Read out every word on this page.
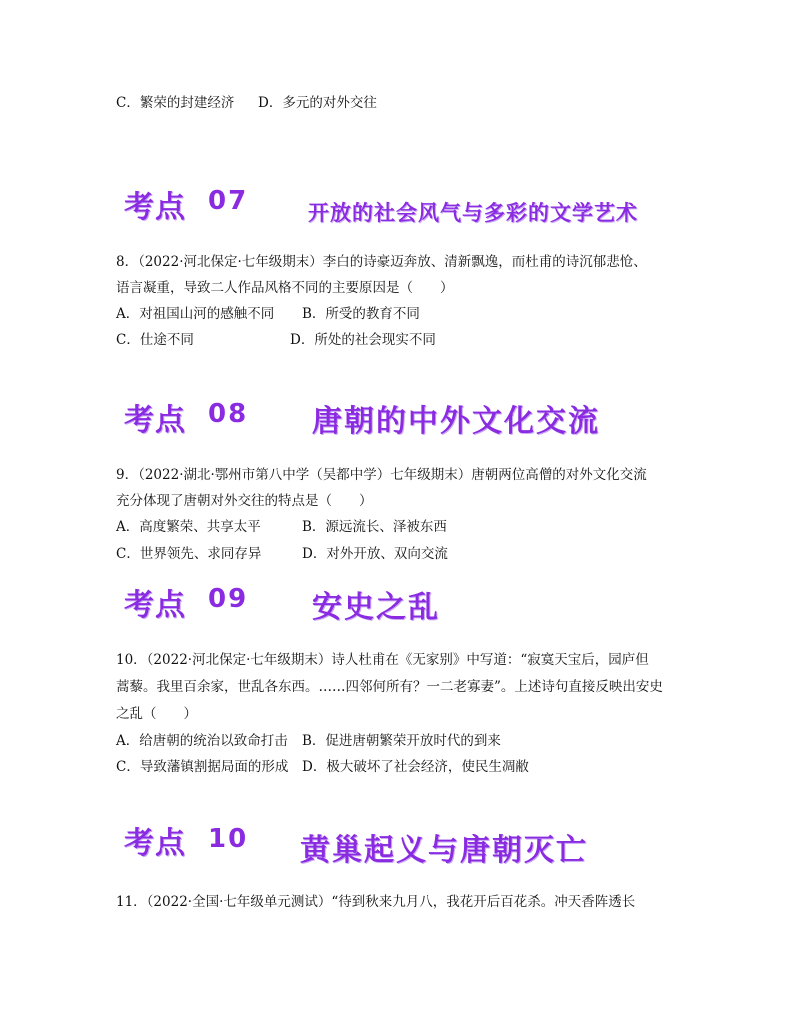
C．繁荣的封建经济 D．多元的对外交往
考点 07	开放的社会风气与多彩的文学艺术
8．（2022·河北保定·七年级期末）李白的诗豪迈奔放、清新飘逸，而杜甫的诗沉郁悲怆、
语言凝重，导致二人作品风格不同的主要原因是（　　）
A．对祖国山河的感触不同 B．所受的教育不同
C．仕途不同	D．所处的社会现实不同
考点 08 唐朝的中外文化交流
9．（2022·湖北·鄂州市第八中学（吴都中学）七年级期末）唐朝两位高僧的对外文化交流
充分体现了唐朝对外交往的特点是（　　）
A．高度繁荣、共享太平	B．源远流长、泽被东西
C．世界领先、求同存异	D．对外开放、双向交流
考点 09 安史之乱
10．（2022·河北保定·七年级期末）诗人杜甫在《无家别》中写道：“寂寞天宝后，园庐但
蒿藜。我里百余家，世乱各东西。……四邻何所有？一二老寡妻”。上述诗句直接反映出安史
之乱（　　）
A．给唐朝的统治以致命打击 B．促进唐朝繁荣开放时代的到来
C．导致藩镇割据局面的形成 D．极大破坏了社会经济，使民生凋敝
考点 10 黄巢起义与唐朝灭亡
11．（2022·全国·七年级单元测试）“待到秋来九月八，我花开后百花杀。冲天香阵透长
